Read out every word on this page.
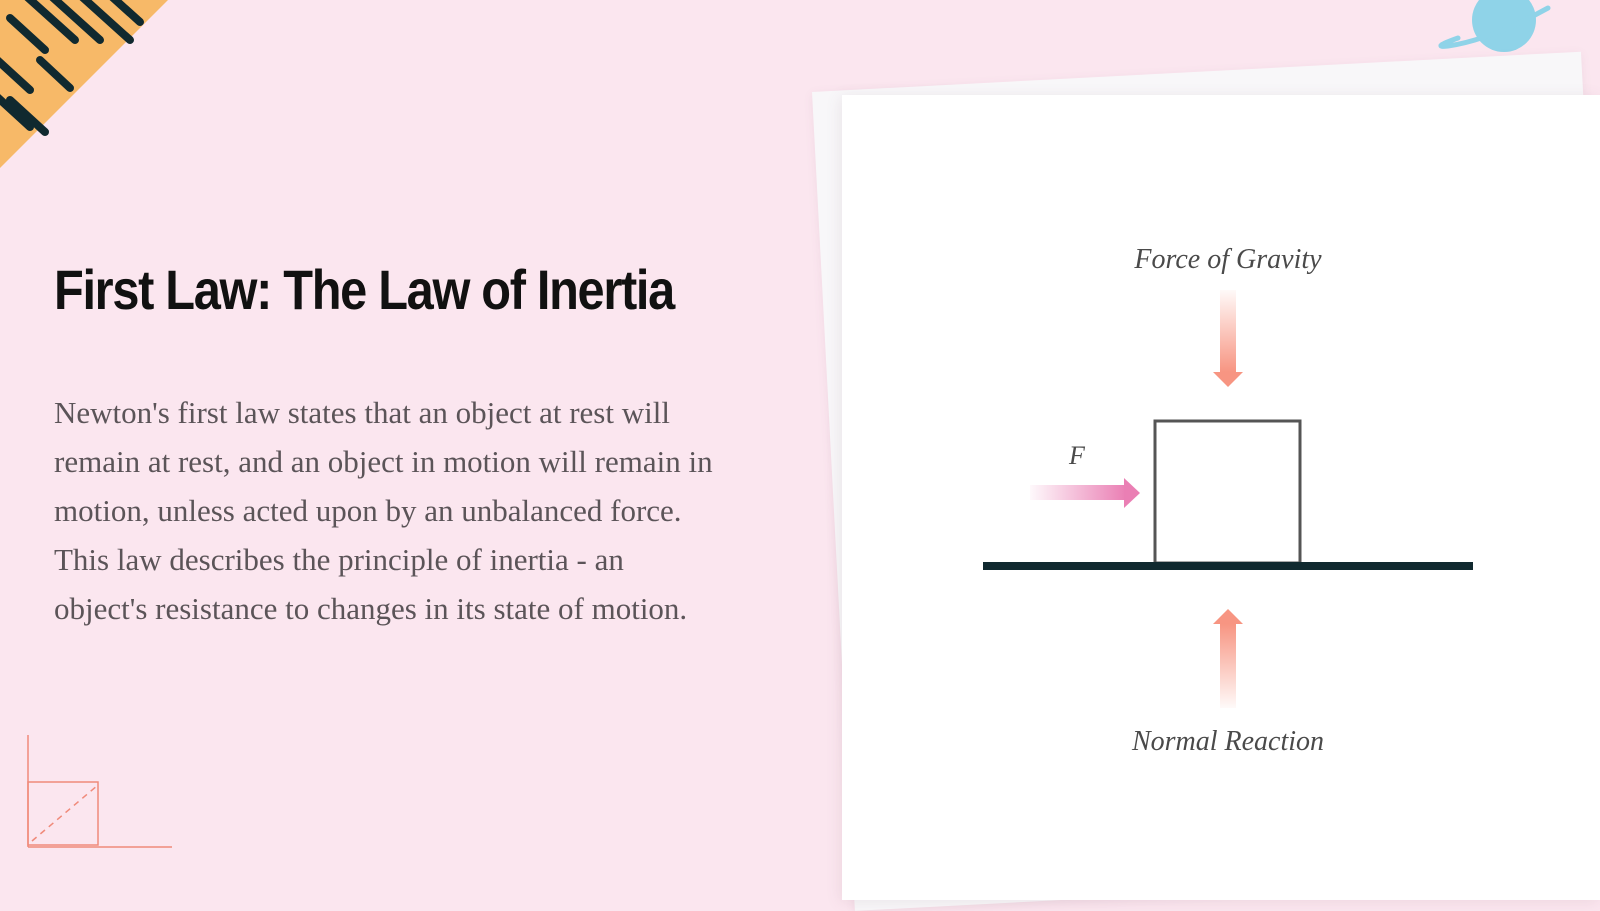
First Law: The Law of Inertia

Newton's first law states that an object at rest will remain at rest, and an object in motion will remain in motion, unless acted upon by an unbalanced force. This law describes the principle of inertia - an object's resistance to changes in its state of motion.

Force of Gravity
F
Normal Reaction
